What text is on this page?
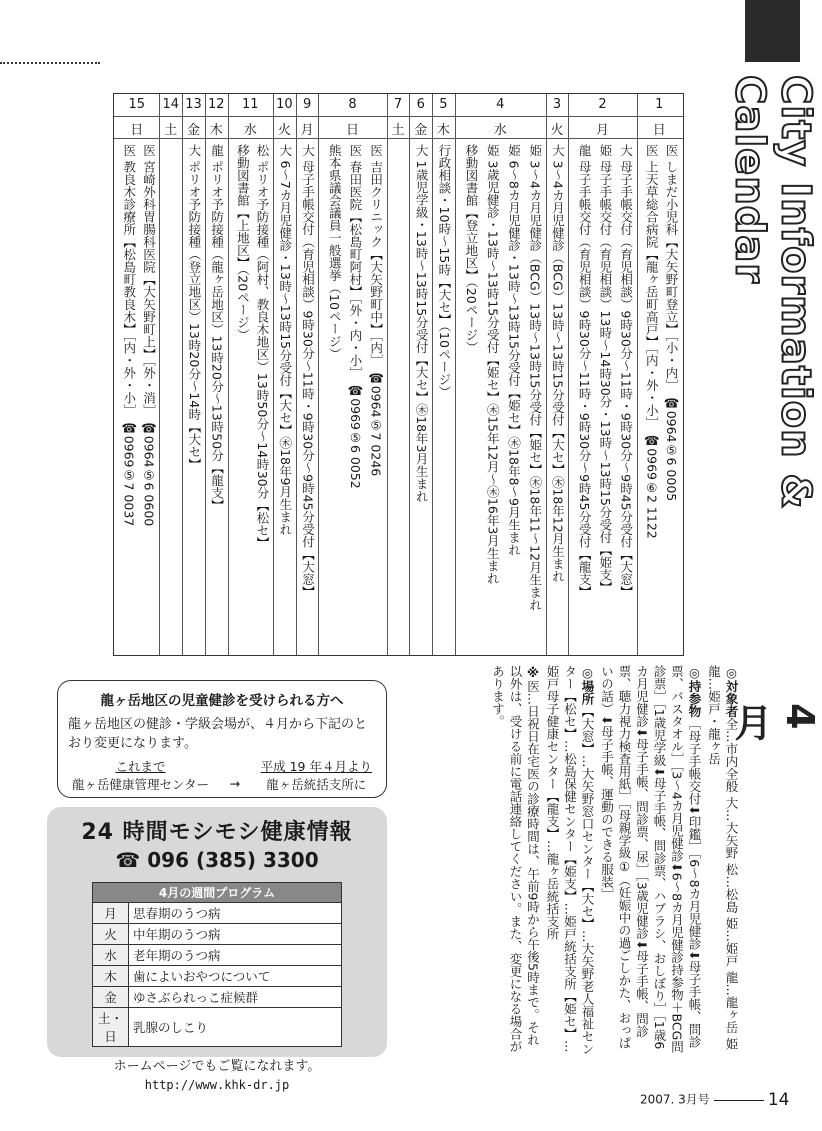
City Information & Calendar

4月
1
日
医 しまだ小児科【大矢野町登立】［小・内］ ☎0964⑤6 0005
医 上天草総合病院【龍ヶ岳町高戸】［内・外・小］ ☎0969⑥2 1122
2
月
大 母子手帳交付（育児相談）9時30分～11時・9時30分～9時45分受付【大窓】
姫 母子手帳交付（育児相談）13時～14時30分・13時～13時15分受付【姫支】
龍 母子手帳交付（育児相談）9時30分～11時・9時30分～9時45分受付【龍支】
3
火
大 3～4カ月児健診（BCG）13時～13時15分受付【大セ】㊍18年12月生まれ
4
水
姫 3～4カ月児健診（BCG）13時～13時15分受付【姫セ】㊍18年11～12月生まれ
姫 6～8カ月児健診・13時～13時15分受付【姫セ】㊍18年8～9月生まれ
姫 3歳児健診・13時～13時15分受付【姫セ】㊍15年12月～㊍16年3月生まれ
移動図書館【登立地区】（20ページ）
5
木
行政相談・10時～15時【大セ】（10ページ）
6
金
大 1歳児学級・13時～13時15分受付【大セ】㊍18年3月生まれ
7
土
8
日
医 吉田クリニック【大矢野町中】［内］ ☎0964⑤7 0246
医 春田医院【松島町阿村】［外・内・小］ ☎0969⑤6 0052
熊本県議会議員一般選挙（10ページ）
9
月
大 母子手帳交付（育児相談）9時30分～11時・9時30分～9時45分受付【大窓】
10
火
大 6～7カ月児健診・13時～13時15分受付【大セ】㊍18年9月生まれ
11
水
松 ポリオ予防接種（阿村、教良木地区）13時50分～14時30分【松セ】
移動図書館【上地区】（20ページ）
12
木
龍 ポリオ予防接種（龍ヶ岳地区）13時20分～13時50分【龍支】
13
金
大 ポリオ予防接種（登立地区）13時20分～14時【大セ】
14
土
15
日
医 宮崎外科胃腸科医院【大矢野町上】［外・消］ ☎0964⑤6 0600
医 教良木診療所【松島町教良木】［内・外・小］ ☎0969⑤7 0037

◎対象者全…市内全般 大…大矢野 松…松島 姫…姫戸 龍…龍ヶ岳 姫龍…姫戸・龍ヶ岳

◎持参物［母子手帳交付⬇印鑑］［6～8カ月児健診⬇母子手帳、問診票、バスタオル］［3～4カ月児健診⬇6～8カ月児健診持参物＋BCG問診票］［1歳児学級⬇母子手帳、問診票、ハブラシ、おしぼり］［1歳6カ月児健診⬇母子手帳、問診票、尿］［3歳児健診⬇母子手帳、問診票、聴力視力検査用紙］［母親学級①（妊娠中の過ごしかた、おっぱいの話）⬇母子手帳、運動のできる服装］

◎場所【大窓】…大矢野窓口センター【大セ】…大矢野老人福祉センター【松セ】…松島保健センター【姫支】…姫戸統括支所【姫セ】…姫戸母子健康センター【龍支】…龍ヶ岳統括支所

※医…日祝日在宅医の診療時間は、午前9時から午後5時まで。それ以外は、受ける前に電話連絡してください。また、変更になる場合があります。

龍ヶ岳地区の児童健診を受けられる方へ
龍ヶ岳地区の健診・学級会場が、４月から下記のとおり変更になります。
これまで
龍ヶ岳健康管理センター →
平成 19 年４月より
龍ヶ岳統括支所に
24 時間モシモシ健康情報
☎ 096 (385) 3300
4月の週間プログラム	
月	思春期のうつ病
火	中年期のうつ病
水	老年期のうつ病
木	歯によいおやつについて
金	ゆさぶられっこ症候群
土・日	乳腺のしこり
ホームページでもご覧になれます。
http://www.khk-dr.jp
2007. 3月号	14
